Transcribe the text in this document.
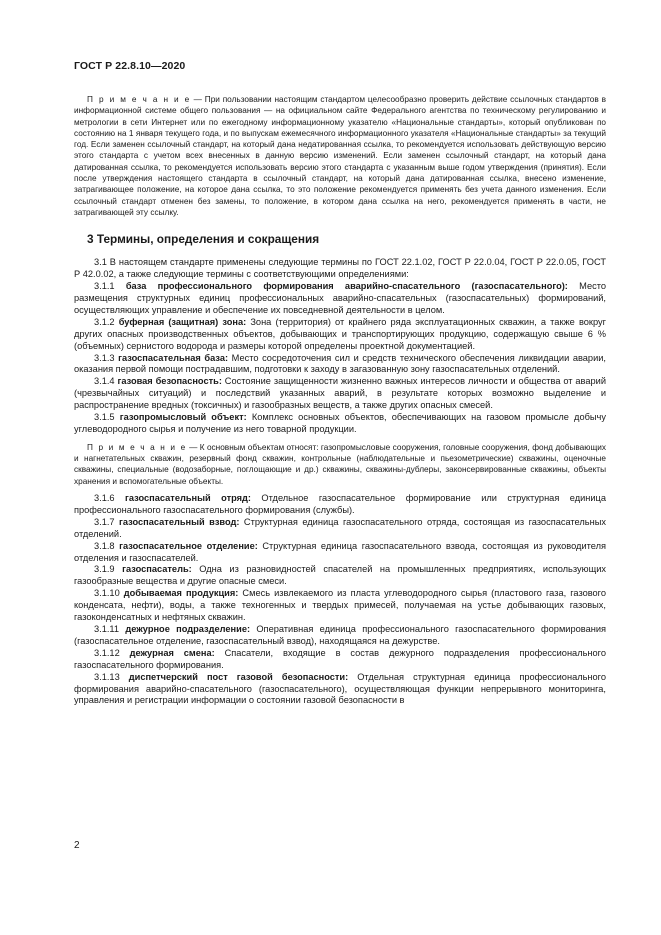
ГОСТ Р 22.8.10—2020

П р и м е ч а н и е — При пользовании настоящим стандартом целесообразно проверить действие ссылочных стандартов в информационной системе общего пользования — на официальном сайте Федерального агентства по техническому регулированию и метрологии в сети Интернет или по ежегодному информационному указателю «Национальные стандарты», который опубликован по состоянию на 1 января текущего года, и по выпускам ежемесячного информационного указателя «Национальные стандарты» за текущий год. Если заменен ссылочный стандарт, на который дана недатированная ссылка, то рекомендуется использовать действующую версию этого стандарта с учетом всех внесенных в данную версию изменений. Если заменен ссылочный стандарт, на который дана датированная ссылка, то рекомендуется использовать версию этого стандарта с указанным выше годом утверждения (принятия). Если после утверждения настоящего стандарта в ссылочный стандарт, на который дана датированная ссылка, внесено изменение, затрагивающее положение, на которое дана ссылка, то это положение рекомендуется применять без учета данного изменения. Если ссылочный стандарт отменен без замены, то положение, в котором дана ссылка на него, рекомендуется применять в части, не затрагивающей эту ссылку.

3 Термины, определения и сокращения

3.1 В настоящем стандарте применены следующие термины по ГОСТ 22.1.02, ГОСТ Р 22.0.04, ГОСТ Р 22.0.05, ГОСТ Р 42.0.02, а также следующие термины с соответствующими определениями:

3.1.1 база профессионального формирования аварийно-спасательного (газоспасательного): Место размещения структурных единиц профессиональных аварийно-спасательных (газоспасательных) формирований, осуществляющих управление и обеспечение их повседневной деятельности в целом.

3.1.2 буферная (защитная) зона: Зона (территория) от крайнего ряда эксплуатационных скважин, а также вокруг других опасных производственных объектов, добывающих и транспортирующих продукцию, содержащую свыше 6 % (объемных) сернистого водорода и размеры которой определены проектной документацией.

3.1.3 газоспасательная база: Место сосредоточения сил и средств технического обеспечения ликвидации аварии, оказания первой помощи пострадавшим, подготовки к заходу в загазованную зону газоспасательных отделений.

3.1.4 газовая безопасность: Состояние защищенности жизненно важных интересов личности и общества от аварий (чрезвычайных ситуаций) и последствий указанных аварий, в результате которых возможно выделение и распространение вредных (токсичных) и газообразных веществ, а также других опасных смесей.

3.1.5 газопромысловый объект: Комплекс основных объектов, обеспечивающих на газовом промысле добычу углеводородного сырья и получение из него товарной продукции.

П р и м е ч а н и е — К основным объектам относят: газопромысловые сооружения, головные сооружения, фонд добывающих и нагнетательных скважин, резервный фонд скважин, контрольные (наблюдательные и пьезометрические) скважины, оценочные скважины, специальные (водозаборные, поглощающие и др.) скважины, скважины-дублеры, законсервированные скважины, объекты хранения и вспомогательные объекты.

3.1.6 газоспасательный отряд: Отдельное газоспасательное формирование или структурная единица профессионального газоспасательного формирования (службы).

3.1.7 газоспасательный взвод: Структурная единица газоспасательного отряда, состоящая из газоспасательных отделений.

3.1.8 газоспасательное отделение: Структурная единица газоспасательного взвода, состоящая из руководителя отделения и газоспасателей.

3.1.9 газоспасатель: Одна из разновидностей спасателей на промышленных предприятиях, использующих газообразные вещества и другие опасные смеси.

3.1.10 добываемая продукция: Смесь извлекаемого из пласта углеводородного сырья (пластового газа, газового конденсата, нефти), воды, а также техногенных и твердых примесей, получаемая на устье добывающих газовых, газоконденсатных и нефтяных скважин.

3.1.11 дежурное подразделение: Оперативная единица профессионального газоспасательного формирования (газоспасательное отделение, газоспасательный взвод), находящаяся на дежурстве.

3.1.12 дежурная смена: Спасатели, входящие в состав дежурного подразделения профессионального газоспасательного формирования.

3.1.13 диспетчерский пост газовой безопасности: Отдельная структурная единица профессионального формирования аварийно-спасательного (газоспасательного), осуществляющая функции непрерывного мониторинга, управления и регистрации информации о состоянии газовой безопасности в

2
